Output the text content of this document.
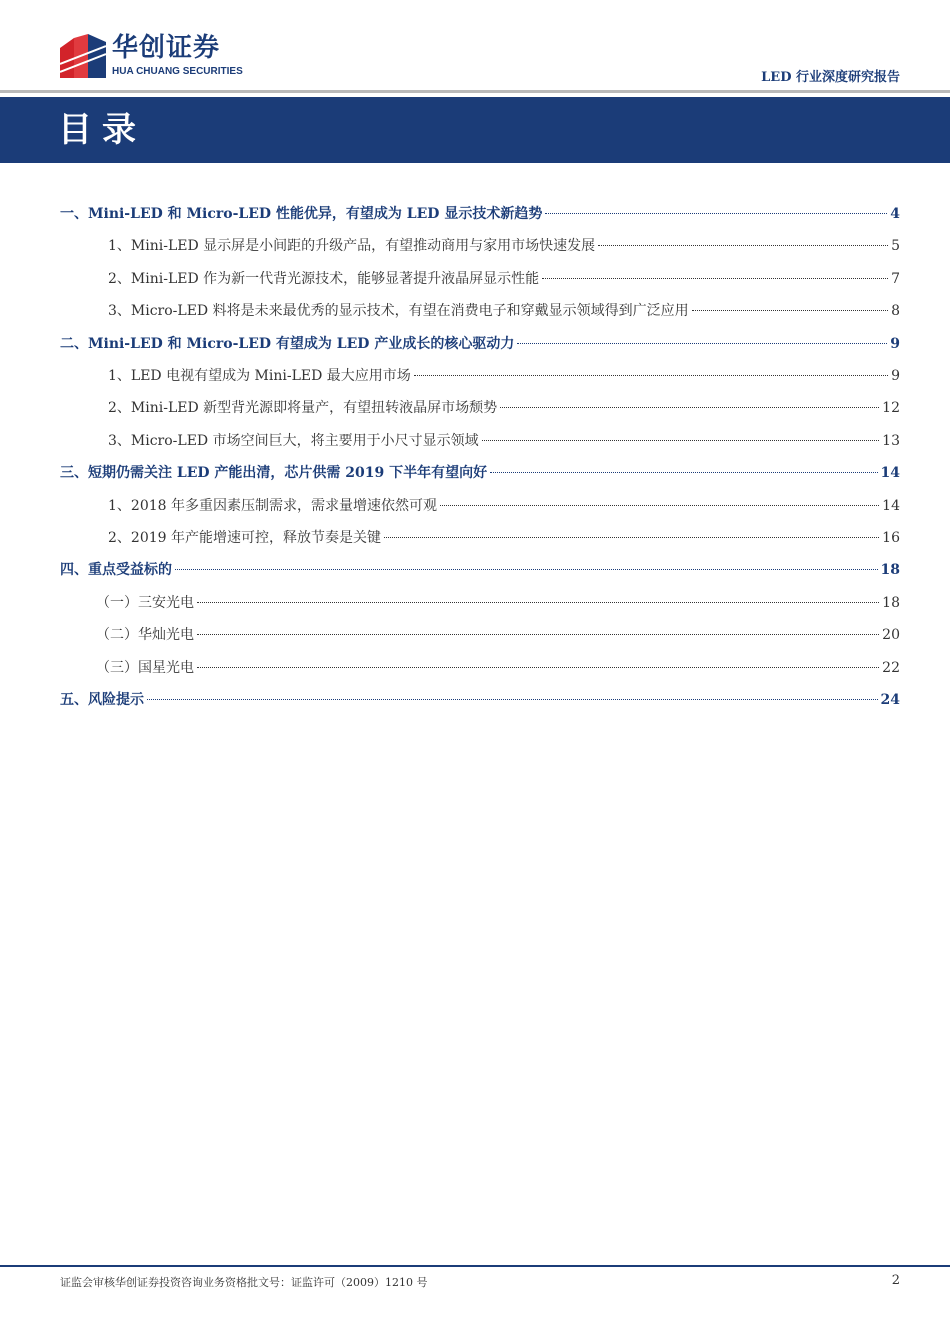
华创证券
HUA CHUANG SECURITIES	LED 行业深度研究报告
目录
一、Mini-LED 和 Micro-LED 性能优异，有望成为 LED 显示技术新趋势	4
1、Mini-LED 显示屏是小间距的升级产品，有望推动商用与家用市场快速发展	5
2、Mini-LED 作为新一代背光源技术，能够显著提升液晶屏显示性能	7
3、Micro-LED 料将是未来最优秀的显示技术，有望在消费电子和穿戴显示领域得到广泛应用	8
二、Mini-LED 和 Micro-LED 有望成为 LED 产业成长的核心驱动力	9
1、LED 电视有望成为 Mini-LED 最大应用市场	9
2、Mini-LED 新型背光源即将量产，有望扭转液晶屏市场颓势	12
3、Micro-LED 市场空间巨大，将主要用于小尺寸显示领域	13
三、短期仍需关注 LED 产能出清，芯片供需 2019 下半年有望向好	14
1、2018 年多重因素压制需求，需求量增速依然可观	14
2、2019 年产能增速可控，释放节奏是关键	16
四、重点受益标的	18
（一）三安光电	18
（二）华灿光电	20
（三）国星光电	22
五、风险提示	24
证监会审核华创证券投资咨询业务资格批文号：证监许可（2009）1210 号	2
